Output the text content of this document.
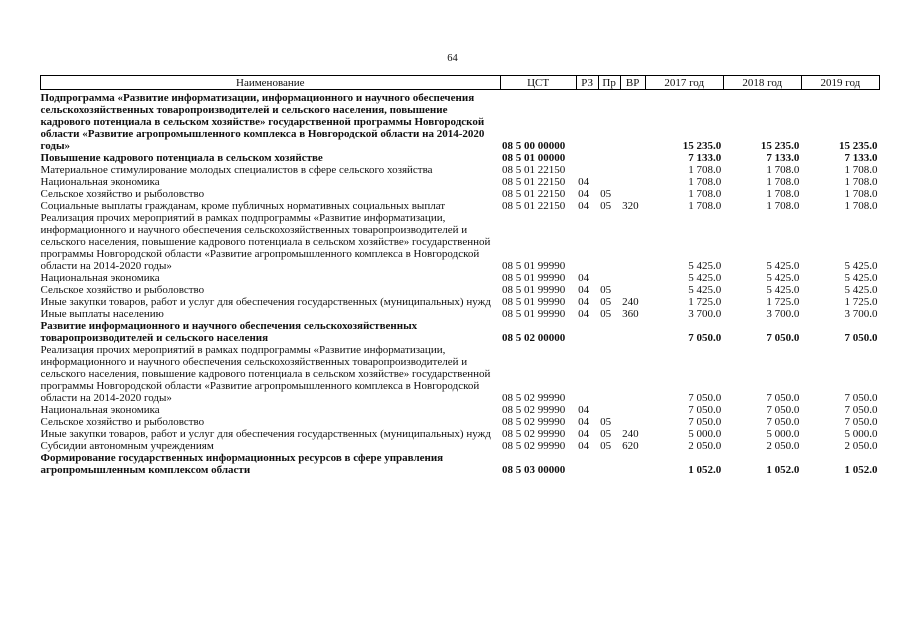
64
Наименование	ЦСТ	РЗ	Пр	ВР	2017 год	2018 год	2019 год

Подпрограмма «Развитие информатизации, информационного и научного обеспечения сельскохозяйственных товаропроизводителей и сельского населения, повышение кадрового потенциала в сельском хозяйстве» государственной программы Новгородской области «Развитие агропромышленного комплекса в Новгородской области на 2014-2020 годы»	08 5 00 00000				15 235.0	15 235.0	15 235.0
Повышение кадрового потенциала в сельском хозяйстве	08 5 01 00000				7 133.0	7 133.0	7 133.0
Материальное стимулирование молодых специалистов в сфере сельского хозяйства	08 5 01 22150				1 708.0	1 708.0	1 708.0
Национальная экономика	08 5 01 22150	04			1 708.0	1 708.0	1 708.0
Сельское хозяйство и рыболовство	08 5 01 22150	04	05		1 708.0	1 708.0	1 708.0
Социальные выплаты гражданам, кроме публичных нормативных социальных выплат	08 5 01 22150	04	05	320	1 708.0	1 708.0	1 708.0
Реализация прочих мероприятий в рамках подпрограммы «Развитие информатизации, информационного и научного обеспечения сельскохозяйственных товаропроизводителей и сельского населения, повышение кадрового потенциала в сельском хозяйстве» государственной программы Новгородской области «Развитие агропромышленного комплекса в Новгородской области на 2014-2020 годы»	08 5 01 99990				5 425.0	5 425.0	5 425.0
Национальная экономика	08 5 01 99990	04			5 425.0	5 425.0	5 425.0
Сельское хозяйство и рыболовство	08 5 01 99990	04	05		5 425.0	5 425.0	5 425.0
Иные закупки товаров, работ и услуг для обеспечения государственных (муниципальных) нужд	08 5 01 99990	04	05	240	1 725.0	1 725.0	1 725.0
Иные выплаты населению	08 5 01 99990	04	05	360	3 700.0	3 700.0	3 700.0
Развитие информационного и научного обеспечения сельскохозяйственных товаропроизводителей и сельского населения	08 5 02 00000				7 050.0	7 050.0	7 050.0
Реализация прочих мероприятий в рамках подпрограммы «Развитие информатизации, информационного и научного обеспечения сельскохозяйственных товаропроизводителей и сельского населения, повышение кадрового потенциала в сельском хозяйстве» государственной программы Новгородской области «Развитие агропромышленного комплекса в Новгородской области на 2014-2020 годы»	08 5 02 99990				7 050.0	7 050.0	7 050.0
Национальная экономика	08 5 02 99990	04			7 050.0	7 050.0	7 050.0
Сельское хозяйство и рыболовство	08 5 02 99990	04	05		7 050.0	7 050.0	7 050.0
Иные закупки товаров, работ и услуг для обеспечения государственных (муниципальных) нужд	08 5 02 99990	04	05	240	5 000.0	5 000.0	5 000.0
Субсидии автономным учреждениям	08 5 02 99990	04	05	620	2 050.0	2 050.0	2 050.0
Формирование государственных информационных ресурсов в сфере управления агропромышленным комплексом области	08 5 03 00000				1 052.0	1 052.0	1 052.0
